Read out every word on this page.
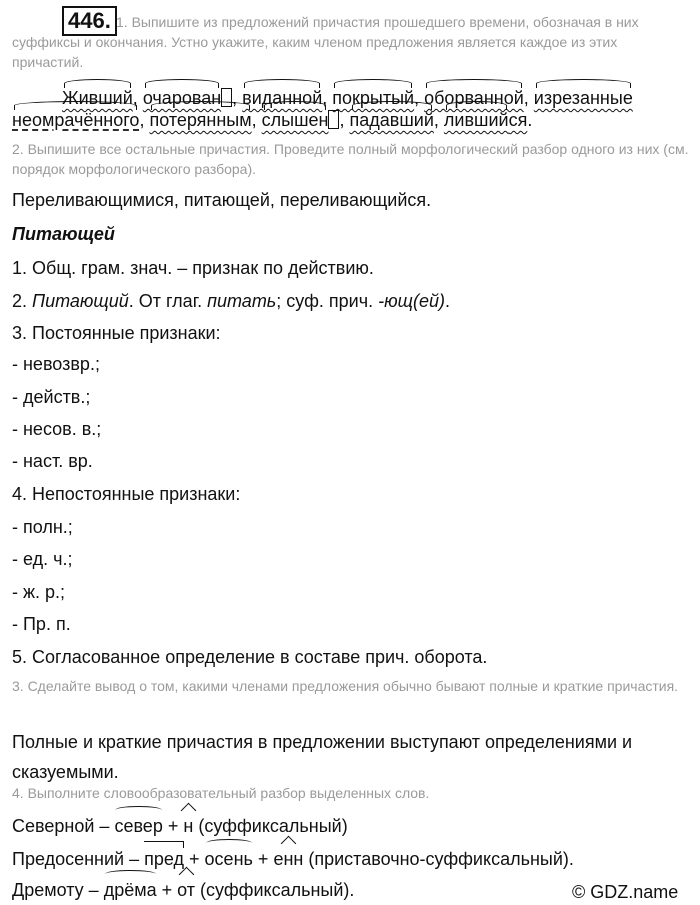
446. 1. Выпишите из предложений причастия прошедшего времени, обозначая в них суффиксы и окончания. Устно укажите, каким членом предложения является каждое из этих причастий.
Живший, очарован , виданной, покрытый, оборванной, изрезанные
неомрачённого, потерянным, слышен , падавший, лившийся.
2. Выпишите все остальные причастия. Проведите полный морфологический разбор одного из них (см. порядок морфологического разбора).
Переливающимися, питающей, переливающийся.
Питающей
1. Общ. грам. знач. – признак по действию.
2. Питающий. От глаг. питать; суф. прич. -ющ(ей).
3. Постоянные признаки:
- невозвр.;
- действ.;
- несов. в.;
- наст. вр.
4. Непостоянные признаки:
- полн.;
- ед. ч.;
- ж. р.;
- Пр. п.
5. Согласованное определение в составе прич. оборота.
3. Сделайте вывод о том, какими членами предложения обычно бывают полные и краткие причастия.
Полные и краткие причастия в предложении выступают определениями и сказуемыми.
4. Выполните словообразовательный разбор выделенных слов.
Северной – север + н (суффиксальный)
Предосенний – пред + осень + енн (приставочно-суффиксальный).
Дремоту – дрёма + от (суффиксальный).	© GDZ.name
